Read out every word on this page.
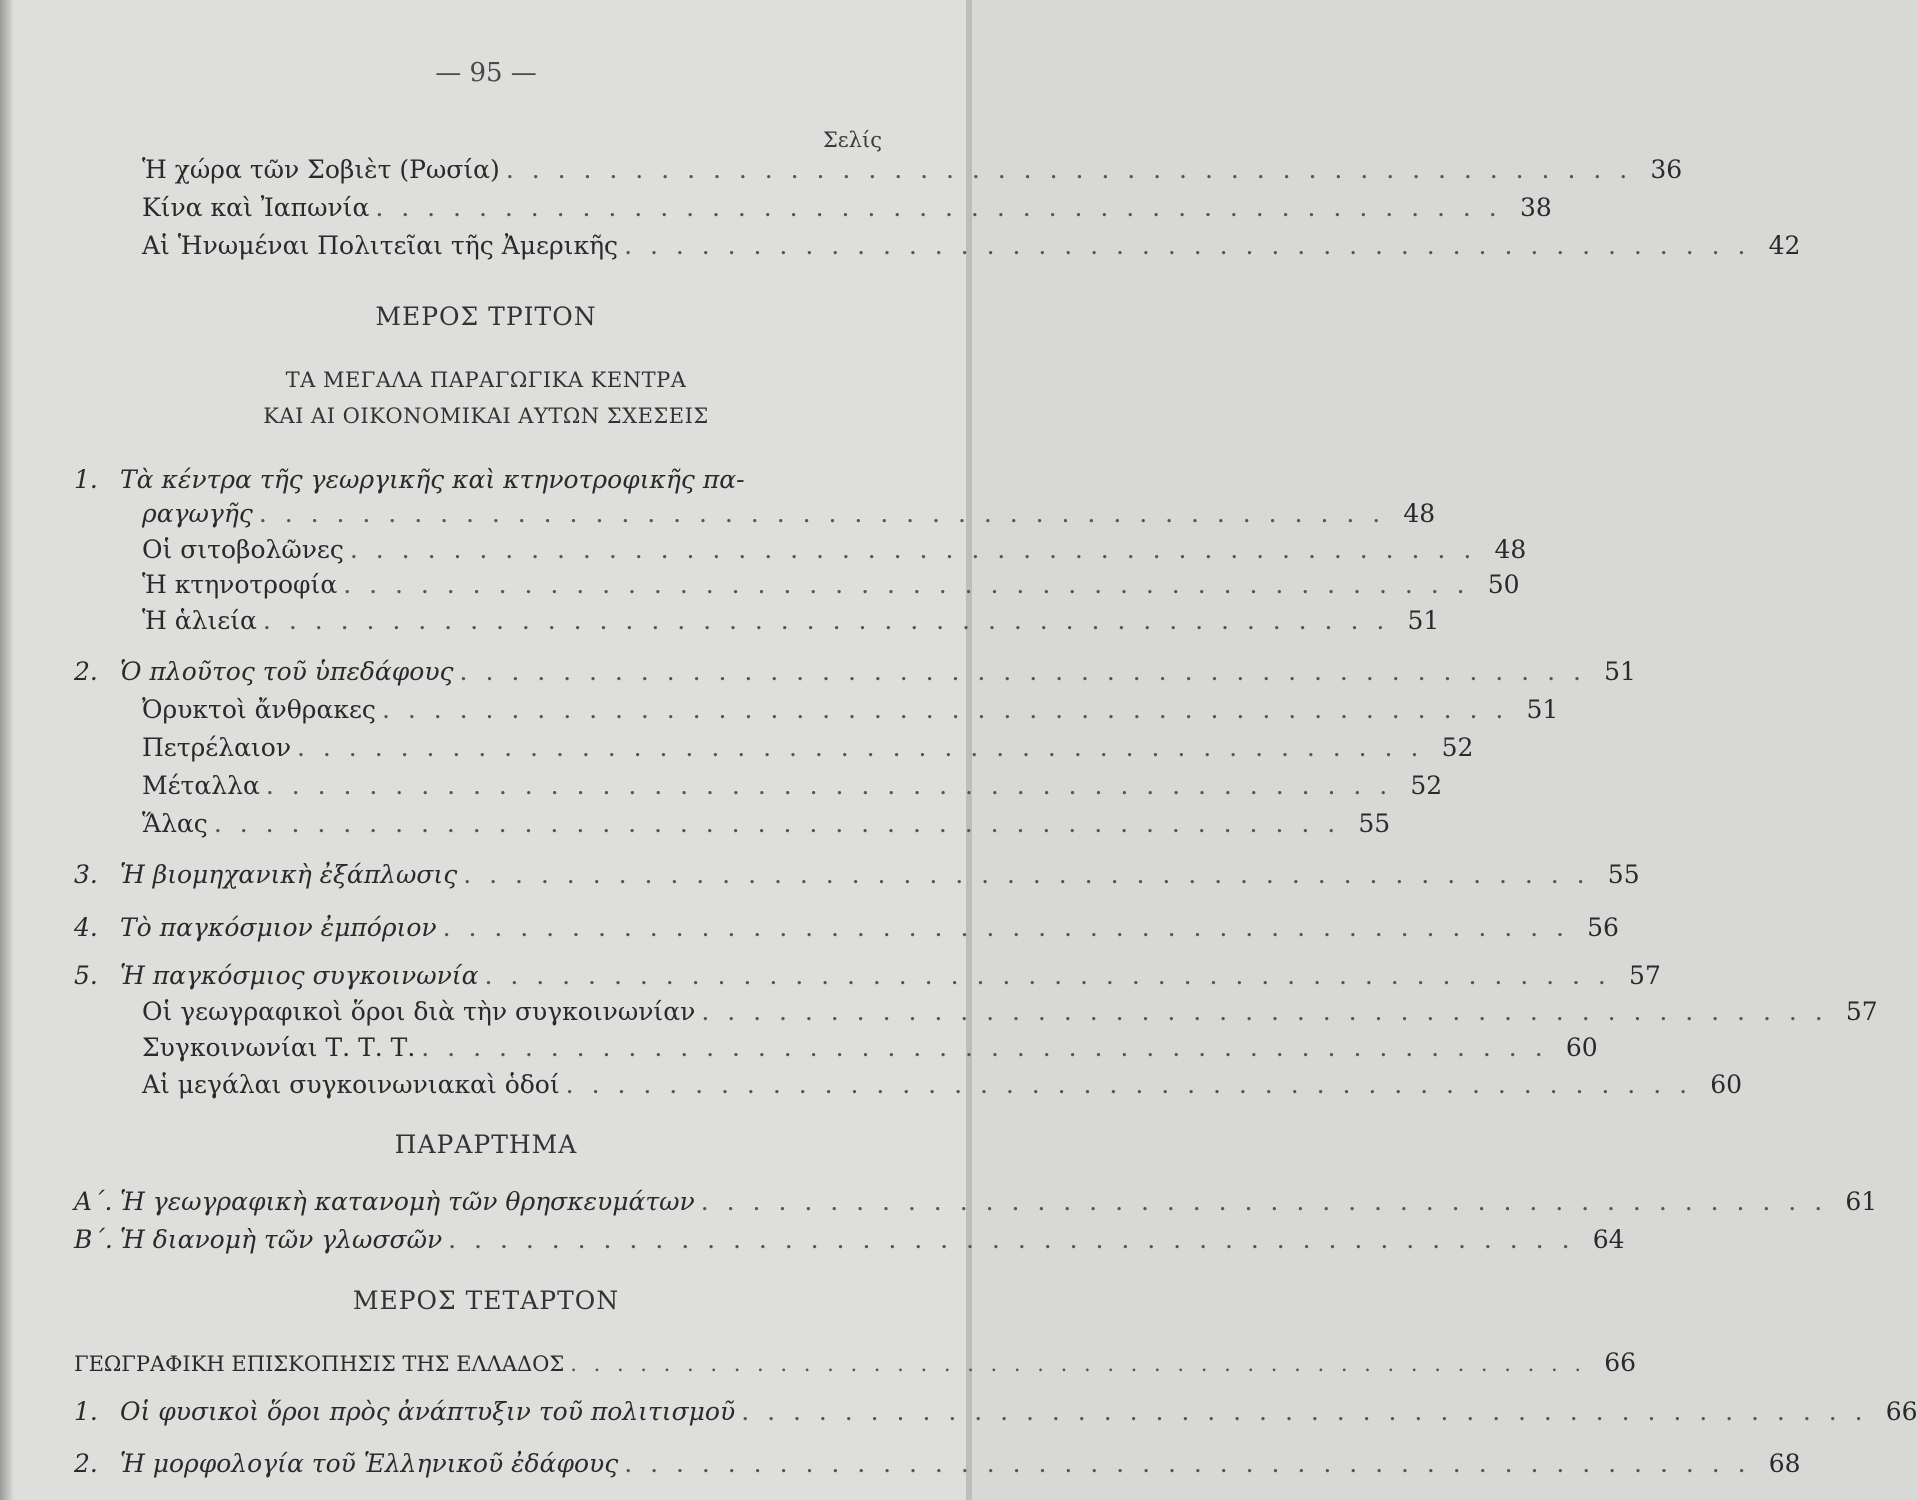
— 95 —
Σελίς
Ἡ χώρα τῶν Σοβιὲτ (Ρωσία) . . . . . . . . . . . . . . . . . . . . . . . . . . . . . . . . . . . . . . . . . . . . 36
Κίνα καὶ Ἰαπωνία . . . . . . . . . . . . . . . . . . . . . . . . . . . . . . . . . . . . . . . . . . . . 38
Αἱ Ἡνωμέναι Πολιτεῖαι τῆς Ἀμερικῆς . . . . . . . . . . . . . . . . . . . . . . . . . . . . . . . . . . . . . . . . . . . . 42
ΜΕΡΟΣ ΤΡΙΤΟΝ
ΤΑ ΜΕΓΑΛΑ ΠΑΡΑΓΩΓΙΚΑ ΚΕΝΤΡΑ
ΚΑΙ ΑΙ ΟΙΚΟΝΟΜΙΚΑΙ ΑΥΤΩΝ ΣΧΕΣΕΙΣ
1. Τὰ κέντρα τῆς γεωργικῆς καὶ κτηνοτροφικῆς πα-
ραγωγῆς . . . . . . . . . . . . . . . . . . . . . . . . . . . . . . . . . . . . . . . . . . . . 48
Οἱ σιτοβολῶνες . . . . . . . . . . . . . . . . . . . . . . . . . . . . . . . . . . . . . . . . . . . . 48
Ἡ κτηνοτροφία . . . . . . . . . . . . . . . . . . . . . . . . . . . . . . . . . . . . . . . . . . . . 50
Ἡ ἁλιεία . . . . . . . . . . . . . . . . . . . . . . . . . . . . . . . . . . . . . . . . . . . . 51
2. Ὁ πλοῦτος τοῦ ὑπεδάφους . . . . . . . . . . . . . . . . . . . . . . . . . . . . . . . . . . . . . . . . . . . . 51
Ὀρυκτοὶ ἄνθρακες . . . . . . . . . . . . . . . . . . . . . . . . . . . . . . . . . . . . . . . . . . . . 51
Πετρέλαιον . . . . . . . . . . . . . . . . . . . . . . . . . . . . . . . . . . . . . . . . . . . . 52
Μέταλλα . . . . . . . . . . . . . . . . . . . . . . . . . . . . . . . . . . . . . . . . . . . . 52
Ἅλας . . . . . . . . . . . . . . . . . . . . . . . . . . . . . . . . . . . . . . . . . . . . 55
3. Ἡ βιομηχανικὴ ἐξάπλωσις . . . . . . . . . . . . . . . . . . . . . . . . . . . . . . . . . . . . . . . . . . . . 55
4. Τὸ παγκόσμιον ἐμπόριον . . . . . . . . . . . . . . . . . . . . . . . . . . . . . . . . . . . . . . . . . . . . 56
5. Ἡ παγκόσμιος συγκοινωνία . . . . . . . . . . . . . . . . . . . . . . . . . . . . . . . . . . . . . . . . . . . . 57
Οἱ γεωγραφικοὶ ὅροι διὰ τὴν συγκοινωνίαν . . . . . . . . . . . . . . . . . . . . . . . . . . . . . . . . . . . . . . . . . . . . 57
Συγκοινωνίαι Τ. Τ. Τ. . . . . . . . . . . . . . . . . . . . . . . . . . . . . . . . . . . . . . . . . . . . . 60
Αἱ μεγάλαι συγκοινωνιακαὶ ὁδοί . . . . . . . . . . . . . . . . . . . . . . . . . . . . . . . . . . . . . . . . . . . . 60
ΠΑΡΑΡΤΗΜΑ
Α΄. Ἡ γεωγραφικὴ κατανομὴ τῶν θρησκευμάτων . . . . . . . . . . . . . . . . . . . . . . . . . . . . . . . . . . . . . . . . . . . . 61
Β΄. Ἡ διανομὴ τῶν γλωσσῶν . . . . . . . . . . . . . . . . . . . . . . . . . . . . . . . . . . . . . . . . . . . . 64
ΜΕΡΟΣ ΤΕΤΑΡΤΟΝ
ΓΕΩΓΡΑΦΙΚΗ ΕΠΙΣΚΟΠΗΣΙΣ ΤΗΣ ΕΛΛΑΔΟΣ . . . . . . . . . . . . . . . . . . . . . . . . . . . . . . . . . . . . . . . . . . . . 66
1. Οἱ φυσικοὶ ὅροι πρὸς ἀνάπτυξιν τοῦ πολιτισμοῦ . . . . . . . . . . . . . . . . . . . . . . . . . . . . . . . . . . . . . . . . . . . . 66
2. Ἡ μορφολογία τοῦ Ἑλληνικοῦ ἐδάφους . . . . . . . . . . . . . . . . . . . . . . . . . . . . . . . . . . . . . . . . . . . . 68
